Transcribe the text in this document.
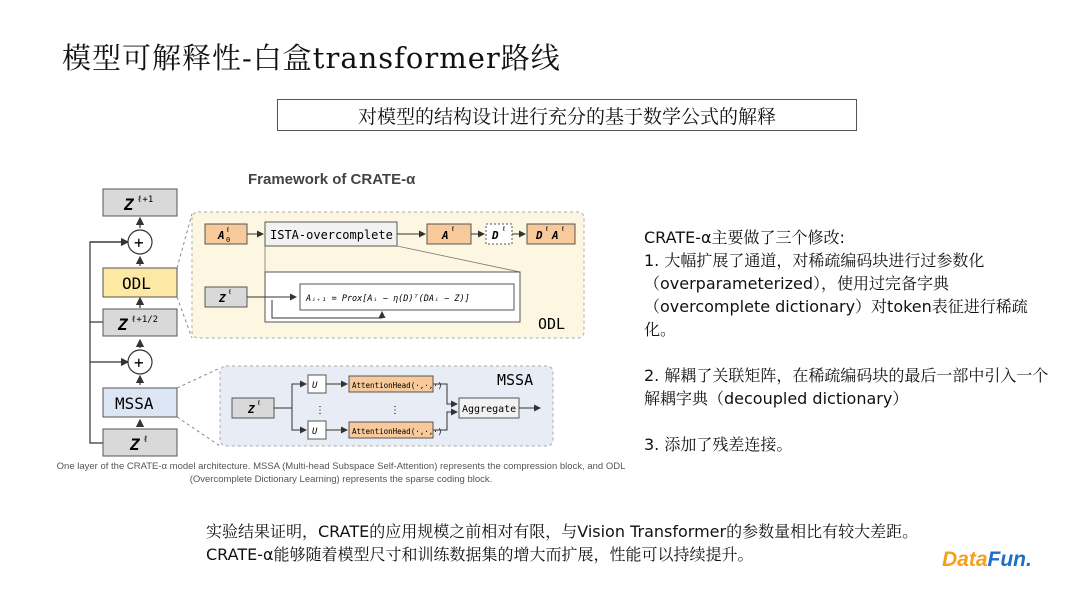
模型可解释性-白盒transformer路线
对模型的结构设计进行充分的基于数学公式的解释
Framework of CRATE-α
Z ℓ+1
+
ODL
Z ℓ+1/2
+
MSSA
Z ℓ
ODL
A ℓ
0	ISTA-overcomplete	A ℓ	D ℓ	D ℓ A ℓ
Z ℓ
Aᵢ₊₁ = Prox[Aᵢ − η(D)ᵀ(DAᵢ − Z)]
MSSA
Z ℓ
U
U
⋮	⋮
AttentionHead(·,·,·)
AttentionHead(·,·,·)
Aggregate
One layer of the CRATE-α model architecture. MSSA (Multi-head Subspace Self-Attention) represents the compression block, and ODL (Overcomplete Dictionary Learning) represents the sparse coding block.

CRATE-α主要做了三个修改:

1. 大幅扩展了通道，对稀疏编码块进行过参数化（overparameterized），使用过完备字典（overcomplete dictionary）对token表征进行稀疏化。

2. 解耦了关联矩阵，在稀疏编码块的最后一部中引入一个解耦字典（decoupled dictionary）

3. 添加了残差连接。

实验结果证明，CRATE的应用规模之前相对有限，与Vision Transformer的参数量相比有较大差距。CRATE-α能够随着模型尺寸和训练数据集的增大而扩展，性能可以持续提升。	DataFun.
